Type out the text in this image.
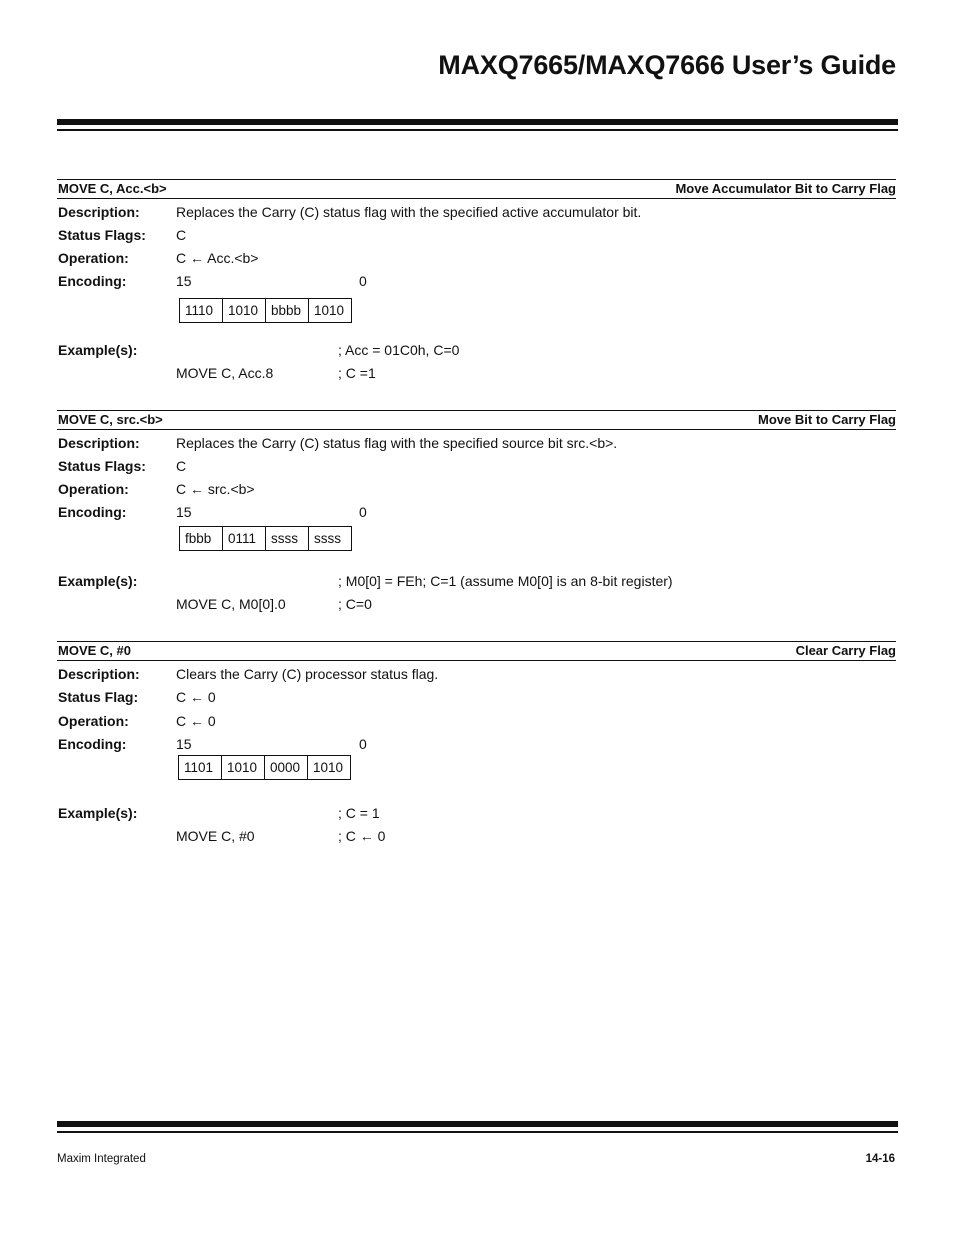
MAXQ7665/MAXQ7666 User’s Guide
MOVE C, Acc.<b>	Move Accumulator Bit to Carry Flag
Description:	Replaces the Carry (C) status flag with the specified active accumulator bit.
Status Flags: C
Operation:	C ← Acc.<b>
Encoding:	15	0
1110	1010	bbbb	1010
Example(s):	; Acc = 01C0h, C=0
MOVE C, Acc.8	; C =1
MOVE C, src.<b>	Move Bit to Carry Flag
Description:	Replaces the Carry (C) status flag with the specified source bit src.<b>.
Status Flags: C
Operation:	C ← src.<b>
Encoding:	15	0
fbbb	0111	ssss	ssss
Example(s):	; M0[0] = FEh; C=1 (assume M0[0] is an 8-bit register)
MOVE C, M0[0].0	; C=0
MOVE C, #0	Clear Carry Flag
Description:	Clears the Carry (C) processor status flag.
Status Flag:	C ← 0
Operation:	C ← 0
Encoding:	15	0
1101	1010	0000	1010
Example(s):	; C = 1
MOVE C, #0	; C ← 0
Maxim Integrated	14-16
